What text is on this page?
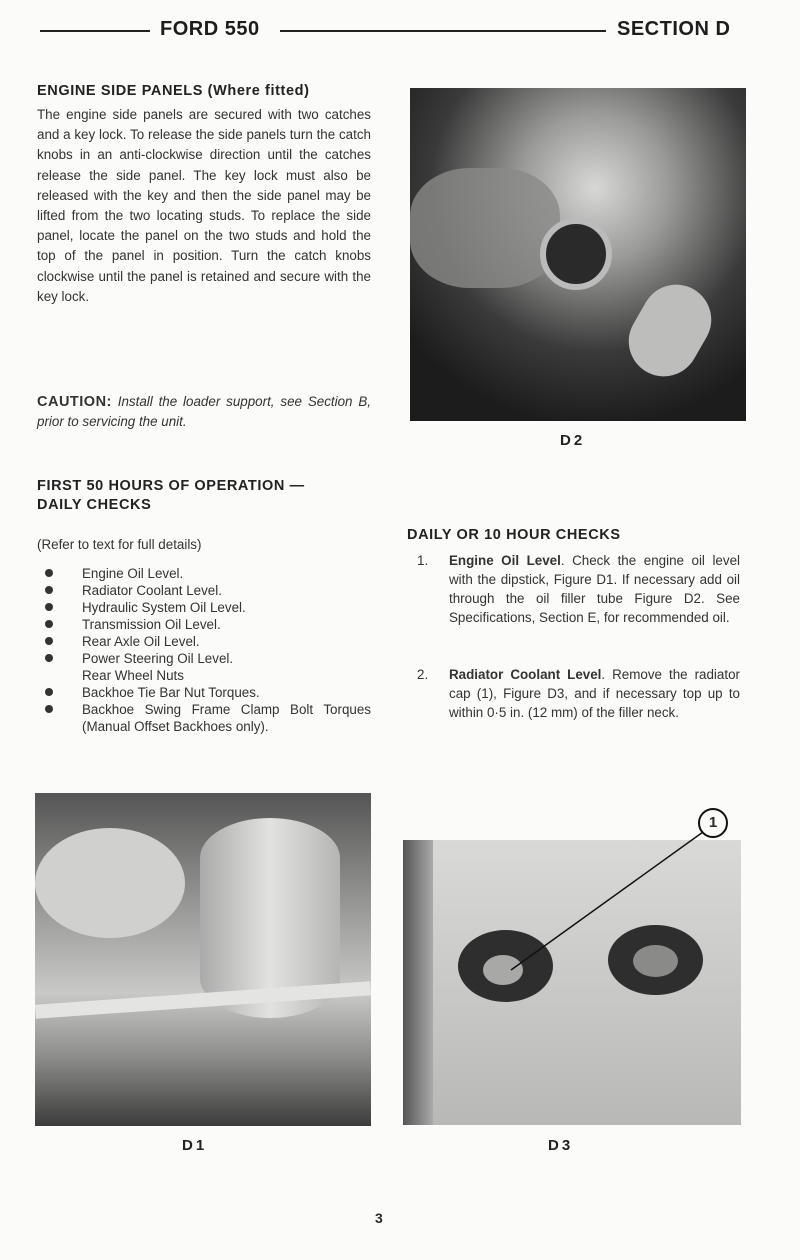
FORD 550	SECTION D
ENGINE SIDE PANELS (Where fitted)

The engine side panels are secured with two catches and a key lock. To release the side panels turn the catch knobs in an anti-clockwise direction until the catches release the side panel. The key lock must also be released with the key and then the side panel may be lifted from the two locating studs. To replace the side panel, locate the panel on the two studs and hold the top of the panel in position. Turn the catch knobs clockwise until the panel is retained and secure with the key lock.

CAUTION: Install the loader support, see Section B, prior to servicing the unit.

FIRST 50 HOURS OF OPERATION —
DAILY CHECKS

(Refer to text for full details)

Engine Oil Level.
Radiator Coolant Level.
Hydraulic System Oil Level.
Transmission Oil Level.
Rear Axle Oil Level.
Power Steering Oil Level.
Rear Wheel Nuts
Backhoe Tie Bar Nut Torques.
Backhoe Swing Frame Clamp Bolt Torques (Manual Offset Backhoes only).
DAILY OR 10 HOUR CHECKS
1. Engine Oil Level. Check the engine oil level with the dipstick, Figure D1. If necessary add oil through the oil filler tube Figure D2. See Specifications, Section E, for recommended oil.
2. Radiator Coolant Level. Remove the radiator cap (1), Figure D3, and if necessary top up to within 0·5 in. (12 mm) of the filler neck.
D2
D1
1
D3
3
